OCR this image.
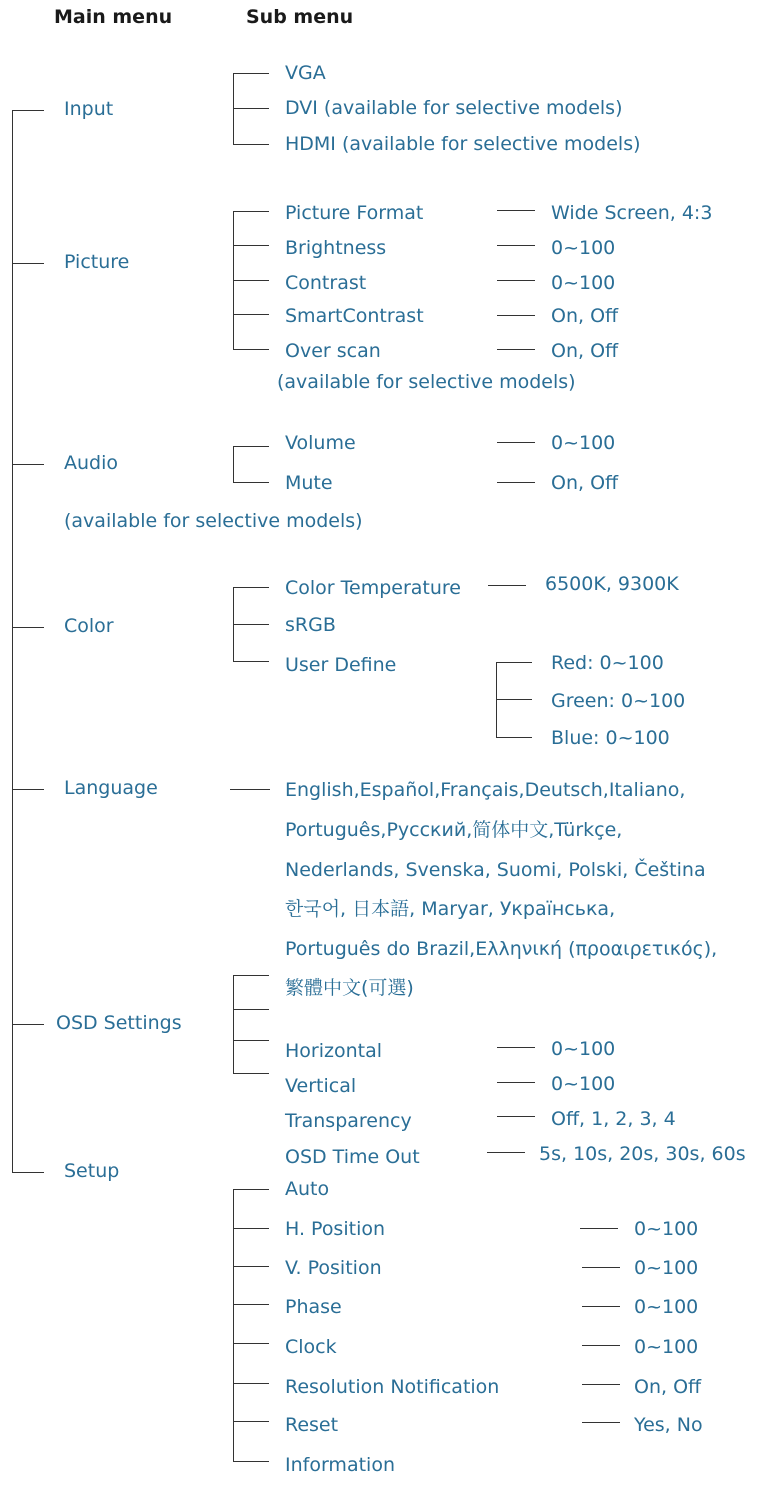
Main menu	Sub menu
Input
Picture
Audio
(available for selective models)
Color
Language
OSD Settings
Setup
VGA
DVI (available for selective models)
HDMI (available for selective models)
Picture Format
Brightness
Contrast
SmartContrast
Over scan
(available for selective models)
Wide Screen, 4:3
0~100
0~100
On, Off
On, Off
Volume
Mute
0~100
On, Off
Color Temperature
sRGB
User Define
6500K, 9300K
Red: 0~100
Green: 0~100
Blue: 0~100
English,Español,Français,Deutsch,Italiano,
Português,Русский,简体中文,Türkçe,
Nederlands, Svenska, Suomi, Polski, Čeština
한국어, 日本語, Maryar, Українська,
Português do Brazil,Ελληνική (προαιρετικός),
繁體中文(可選)
Horizontal
Vertical
Transparency
OSD Time Out
0~100
0~100
Off, 1, 2, 3, 4
5s, 10s, 20s, 30s, 60s
Auto
H. Position
V. Position
Phase
Clock
Resolution Notification
Reset
Information
0~100
0~100
0~100
0~100
On, Off
Yes, No
